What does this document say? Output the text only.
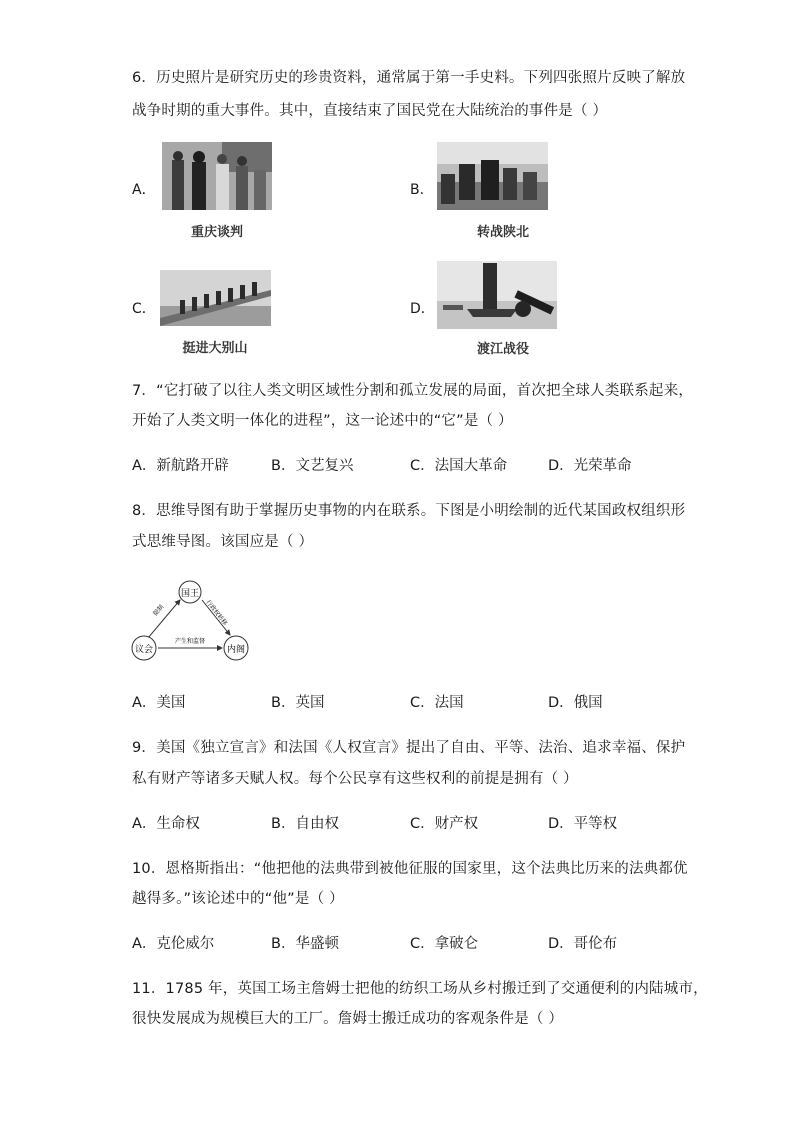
6．历史照片是研究历史的珍贵资料，通常属于第一手史料。下列四张照片反映了解放
战争时期的重大事件。其中，直接结束了国民党在大陆统治的事件是（ ）
A．
重庆谈判
B．
转战陕北
C．
挺进大别山
D．
渡江战役
7．“它打破了以往人类文明区域性分割和孤立发展的局面，首次把全球人类联系起来，
开始了人类文明一体化的进程”，这一论述中的“它”是（ ）
A．新航路开辟	B．文艺复兴	C．法国大革命	D．光荣革命
8．思维导图有助于掌握历史事物的内在联系。下图是小明绘制的近代某国政权组织形
式思维导图。该国应是（ ）
国王
议会	内阁
限制	行政权转移
产生和监督
A．美国	B．英国	C．法国	D．俄国
9．美国《独立宣言》和法国《人权宣言》提出了自由、平等、法治、追求幸福、保护
私有财产等诸多天赋人权。每个公民享有这些权利的前提是拥有（ ）
A．生命权	B．自由权	C．财产权	D．平等权
10．恩格斯指出：“他把他的法典带到被他征服的国家里，这个法典比历来的法典都优
越得多。”该论述中的“他”是（ ）
A．克伦威尔	B．华盛顿	C．拿破仑	D．哥伦布
11．1785 年，英国工场主詹姆士把他的纺织工场从乡村搬迁到了交通便利的内陆城市，
很快发展成为规模巨大的工厂。詹姆士搬迁成功的客观条件是（ ）
